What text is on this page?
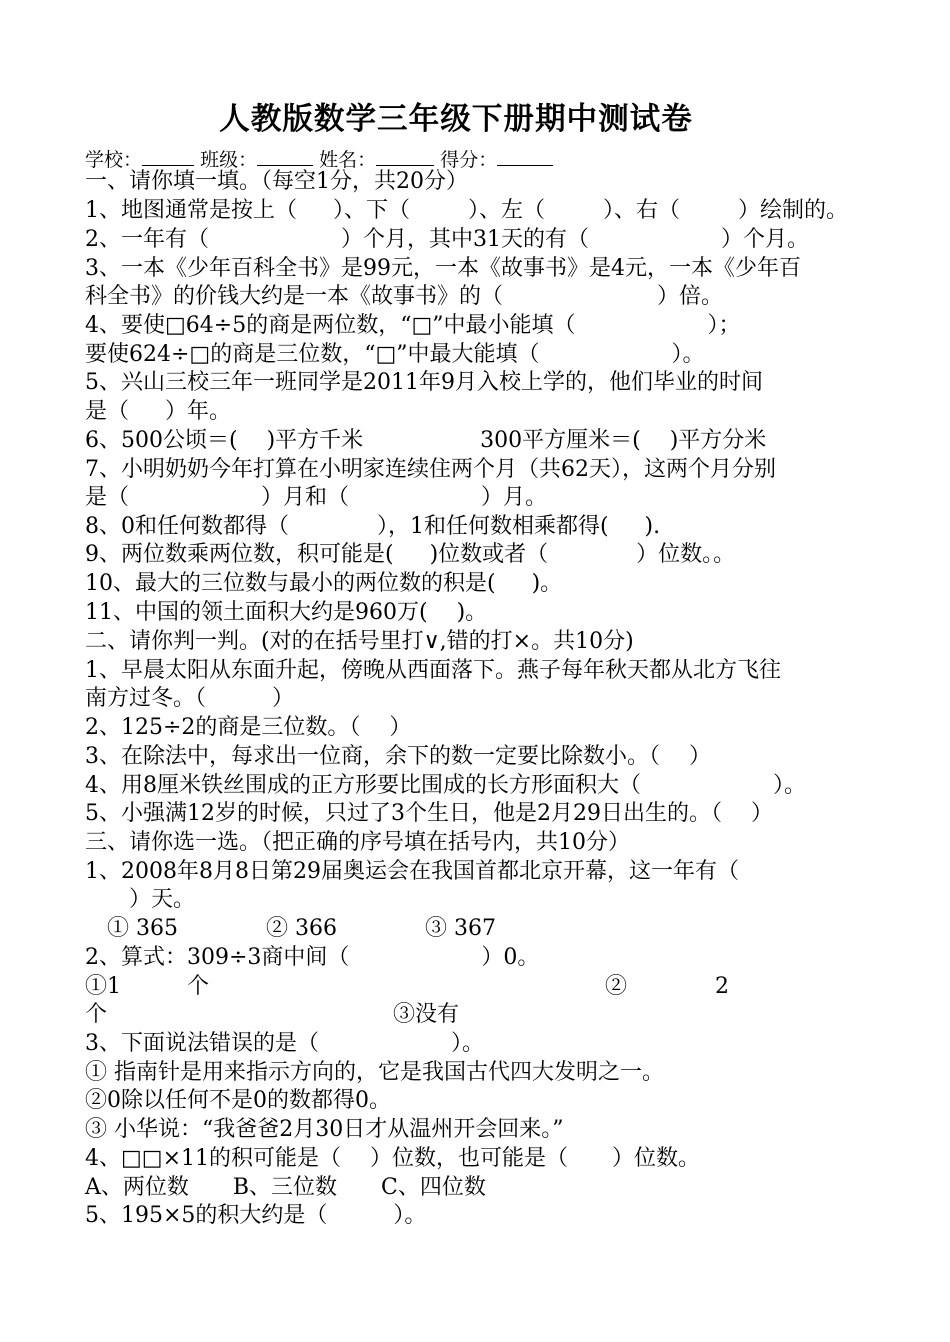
人教版数学三年级下册期中测试卷
学校：	班级：	姓名：	得分：
一、请你填一填。（每空1分，共20分）
1、地图通常是按上（　  ）、下（　　  ）、左（　　  ）、右（　　  ）绘制的。
2、一年有（　　　　　　）个月，其中31天的有（　　　　　　）个月。
3、一本《少年百科全书》是99元，一本《故事书》是4元，一本《少年百
科全书》的价钱大约是一本《故事书》的（　　　　　　　）倍。
4、要使□64÷5的商是两位数，“□”中最小能填（　　　　　　）；
要使624÷□的商是三位数，“□”中最大能填（　　　　　　）。
5、兴山三校三年一班同学是2011年9月入校上学的，他们毕业的时间
是（　  ）年。
6、500公顷＝(　 )平方千米　　　　　 300平方厘米＝(　 )平方分米
7、小明奶奶今年打算在小明家连续住两个月（共62天），这两个月分别
是（　　　　　　）月和（　　　　　　）月。
8、0和任何数都得（　　　　），1和任何数相乘都得(　  ).
9、两位数乘两位数，积可能是(　  )位数或者（　　　　）位数。。
10、最大的三位数与最小的两位数的积是(　  )。
11、中国的领土面积大约是960万(　 )。
二、请你判一判。(对的在括号里打∨,错的打×。共10分)
1、早晨太阳从东面升起，傍晚从西面落下。燕子每年秋天都从北方飞往
南方过冬。（　　　）
2、125÷2的商是三位数。（　 ）
3、在除法中，每求出一位商，余下的数一定要比除数小。（　 ）
4、用8厘米铁丝围成的正方形要比围成的长方形面积大（　　　　　　）。
5、小强满12岁的时候，只过了3个生日，他是2月29日出生的。（　 ）
三、请你选一选。（把正确的序号填在括号内，共10分）
1、2008年8月8日第29届奥运会在我国首都北京开幕，这一年有（
　　）天。
　① 365　　　　② 366　　　　③ 367
2、算式：309÷3商中间（　　　　　　）0。
①1　　　个　　　　　　　　　　　　　　　　　　②　　　　2
个　　　　　　　　　　　　　③没有
3、下面说法错误的是（　　　　　　）。
① 指南针是用来指示方向的，它是我国古代四大发明之一。
②0除以任何不是0的数都得0。
③ 小华说：“我爸爸2月30日才从温州开会回来。”
4、□□×11的积可能是（　 ）位数，也可能是（　　）位数。
A、两位数　　B、三位数　　C、四位数
5、195×5的积大约是（　　　）。
